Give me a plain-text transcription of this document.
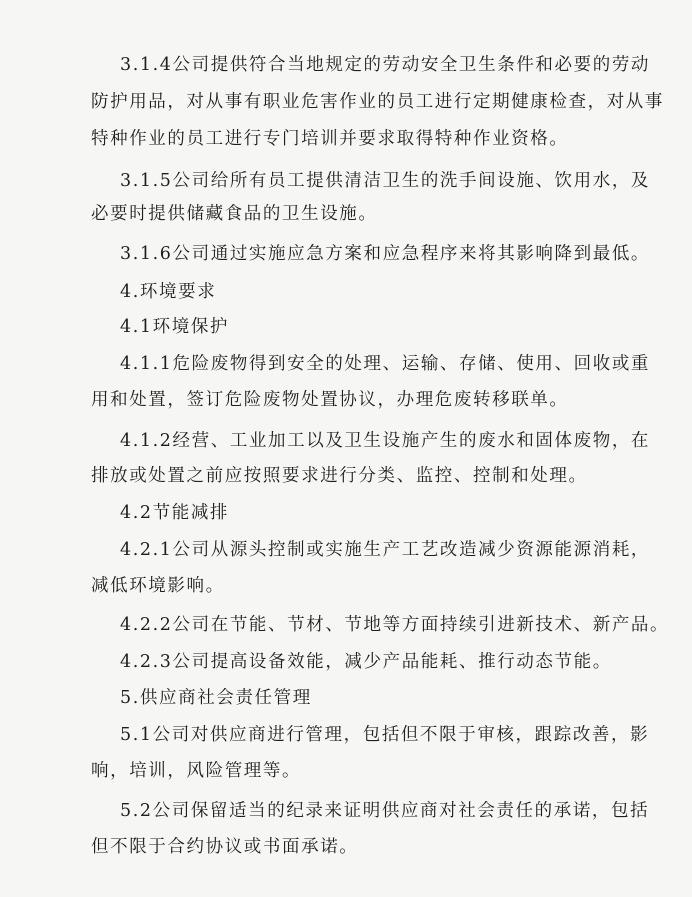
3.1.4公司提供符合当地规定的劳动安全卫生条件和必要的劳动
防护用品，对从事有职业危害作业的员工进行定期健康检查，对从事
特种作业的员工进行专门培训并要求取得特种作业资格。
3.1.5公司给所有员工提供清洁卫生的洗手间设施、饮用水，及
必要时提供储藏食品的卫生设施。
3.1.6公司通过实施应急方案和应急程序来将其影响降到最低。
4.环境要求
4.1环境保护
4.1.1危险废物得到安全的处理、运输、存储、使用、回收或重
用和处置，签订危险废物处置协议，办理危废转移联单。
4.1.2经营、工业加工以及卫生设施产生的废水和固体废物，在
排放或处置之前应按照要求进行分类、监控、控制和处理。
4.2节能减排
4.2.1公司从源头控制或实施生产工艺改造减少资源能源消耗，
减低环境影响。
4.2.2公司在节能、节材、节地等方面持续引进新技术、新产品。
4.2.3公司提高设备效能，减少产品能耗、推行动态节能。
5.供应商社会责任管理
5.1公司对供应商进行管理，包括但不限于审核，跟踪改善，影
响，培训，风险管理等。
5.2公司保留适当的纪录来证明供应商对社会责任的承诺，包括
但不限于合约协议或书面承诺。
